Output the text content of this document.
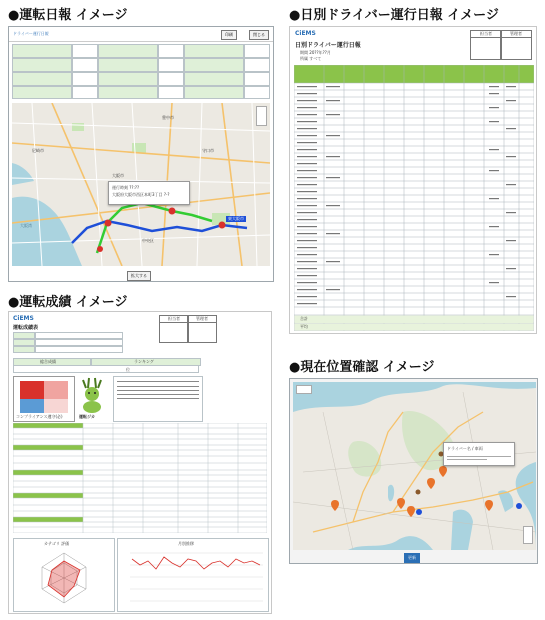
●運転日報 イメージ	●日別ドライバー運行日報 イメージ
●運転成績 イメージ
●現在位置確認 イメージ
ドライバー運行日報	印刷	閉じる
豊中市
守口市
尼崎市
大阪市
大阪湾
中央区
東大阪市
運行時刻 ??:??
大阪府大阪市西区本町3丁目 ?-?
拡大する
CiEMS
日別ドライバー運行日報
期間 20??年??月
所属 すべて
担当者	管理者
合計
平均
CiEMS
運転成績表
担当者	管理者
総合成績	ランキング
位
コンプライアンス遵守(必)	運転ジカ
カテゴリ 評価	月別推移
ドライバー名 / 車両
更新
